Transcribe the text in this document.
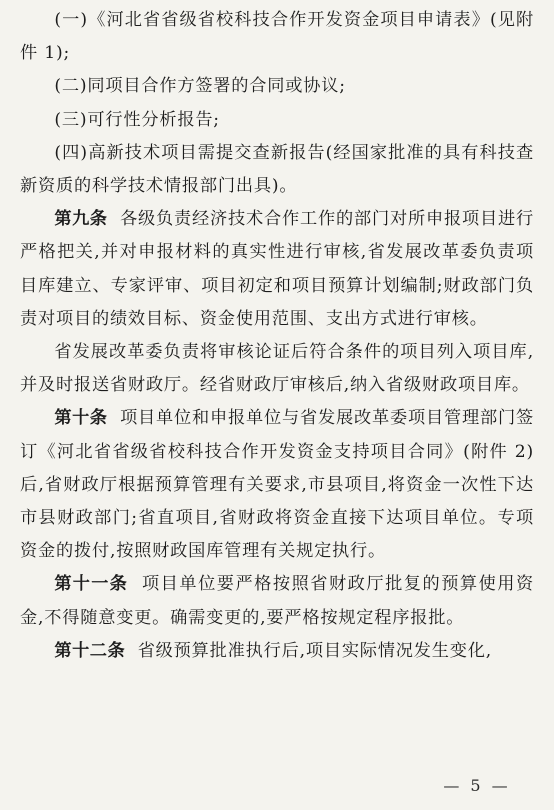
(一)《河北省省级省校科技合作开发资金项目申请表》(见附件 1);

(二)同项目合作方签署的合同或协议;

(三)可行性分析报告;

(四)高新技术项目需提交查新报告(经国家批准的具有科技查新资质的科学技术情报部门出具)。

第九条 各级负责经济技术合作工作的部门对所申报项目进行严格把关,并对申报材料的真实性进行审核,省发展改革委负责项目库建立、专家评审、项目初定和项目预算计划编制;财政部门负责对项目的绩效目标、资金使用范围、支出方式进行审核。

省发展改革委负责将审核论证后符合条件的项目列入项目库,并及时报送省财政厅。经省财政厅审核后,纳入省级财政项目库。

第十条 项目单位和申报单位与省发展改革委项目管理部门签订《河北省省级省校科技合作开发资金支持项目合同》(附件 2)后,省财政厅根据预算管理有关要求,市县项目,将资金一次性下达市县财政部门;省直项目,省财政将资金直接下达项目单位。专项资金的拨付,按照财政国库管理有关规定执行。

第十一条 项目单位要严格按照省财政厅批复的预算使用资金,不得随意变更。确需变更的,要严格按规定程序报批。

第十二条 省级预算批准执行后,项目实际情况发生变化,

— 5 —
